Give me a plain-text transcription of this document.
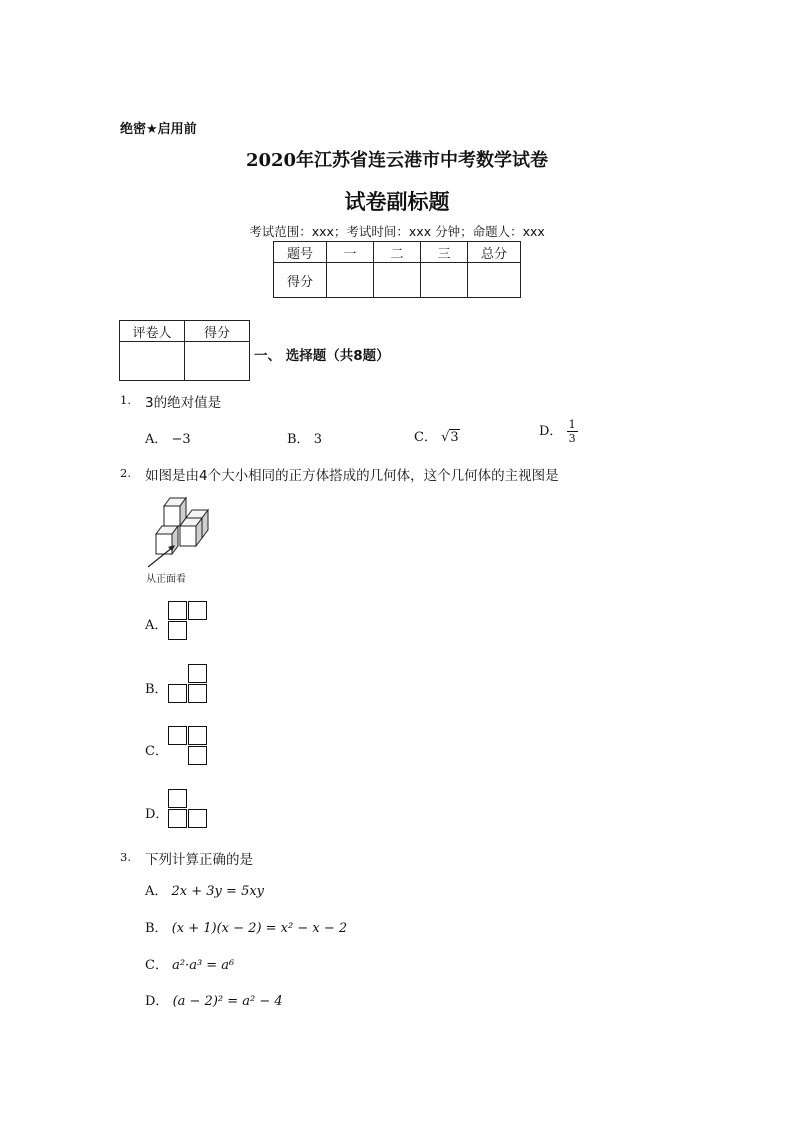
绝密★启用前
2020年江苏省连云港市中考数学试卷
试卷副标题
考试范围：xxx；考试时间：xxx 分钟；命题人：xxx
题号	一	二	三	总分
得分				
评卷人	得分

一、 选择题（共8题）
1. 3的绝对值是
A． −3	B． 3	C． √3	D． $\frac{1}{3}$
2. 如图是由4个大小相同的正方体搭成的几何体，这个几何体的主视图是
从正面看
A．
B．
C．
D．
3. 下列计算正确的是
A． 2x + 3y = 5xy
B． (x + 1)(x − 2) = x² − x − 2
C． a²·a³ = a⁶
D． (a − 2)² = a² − 4
